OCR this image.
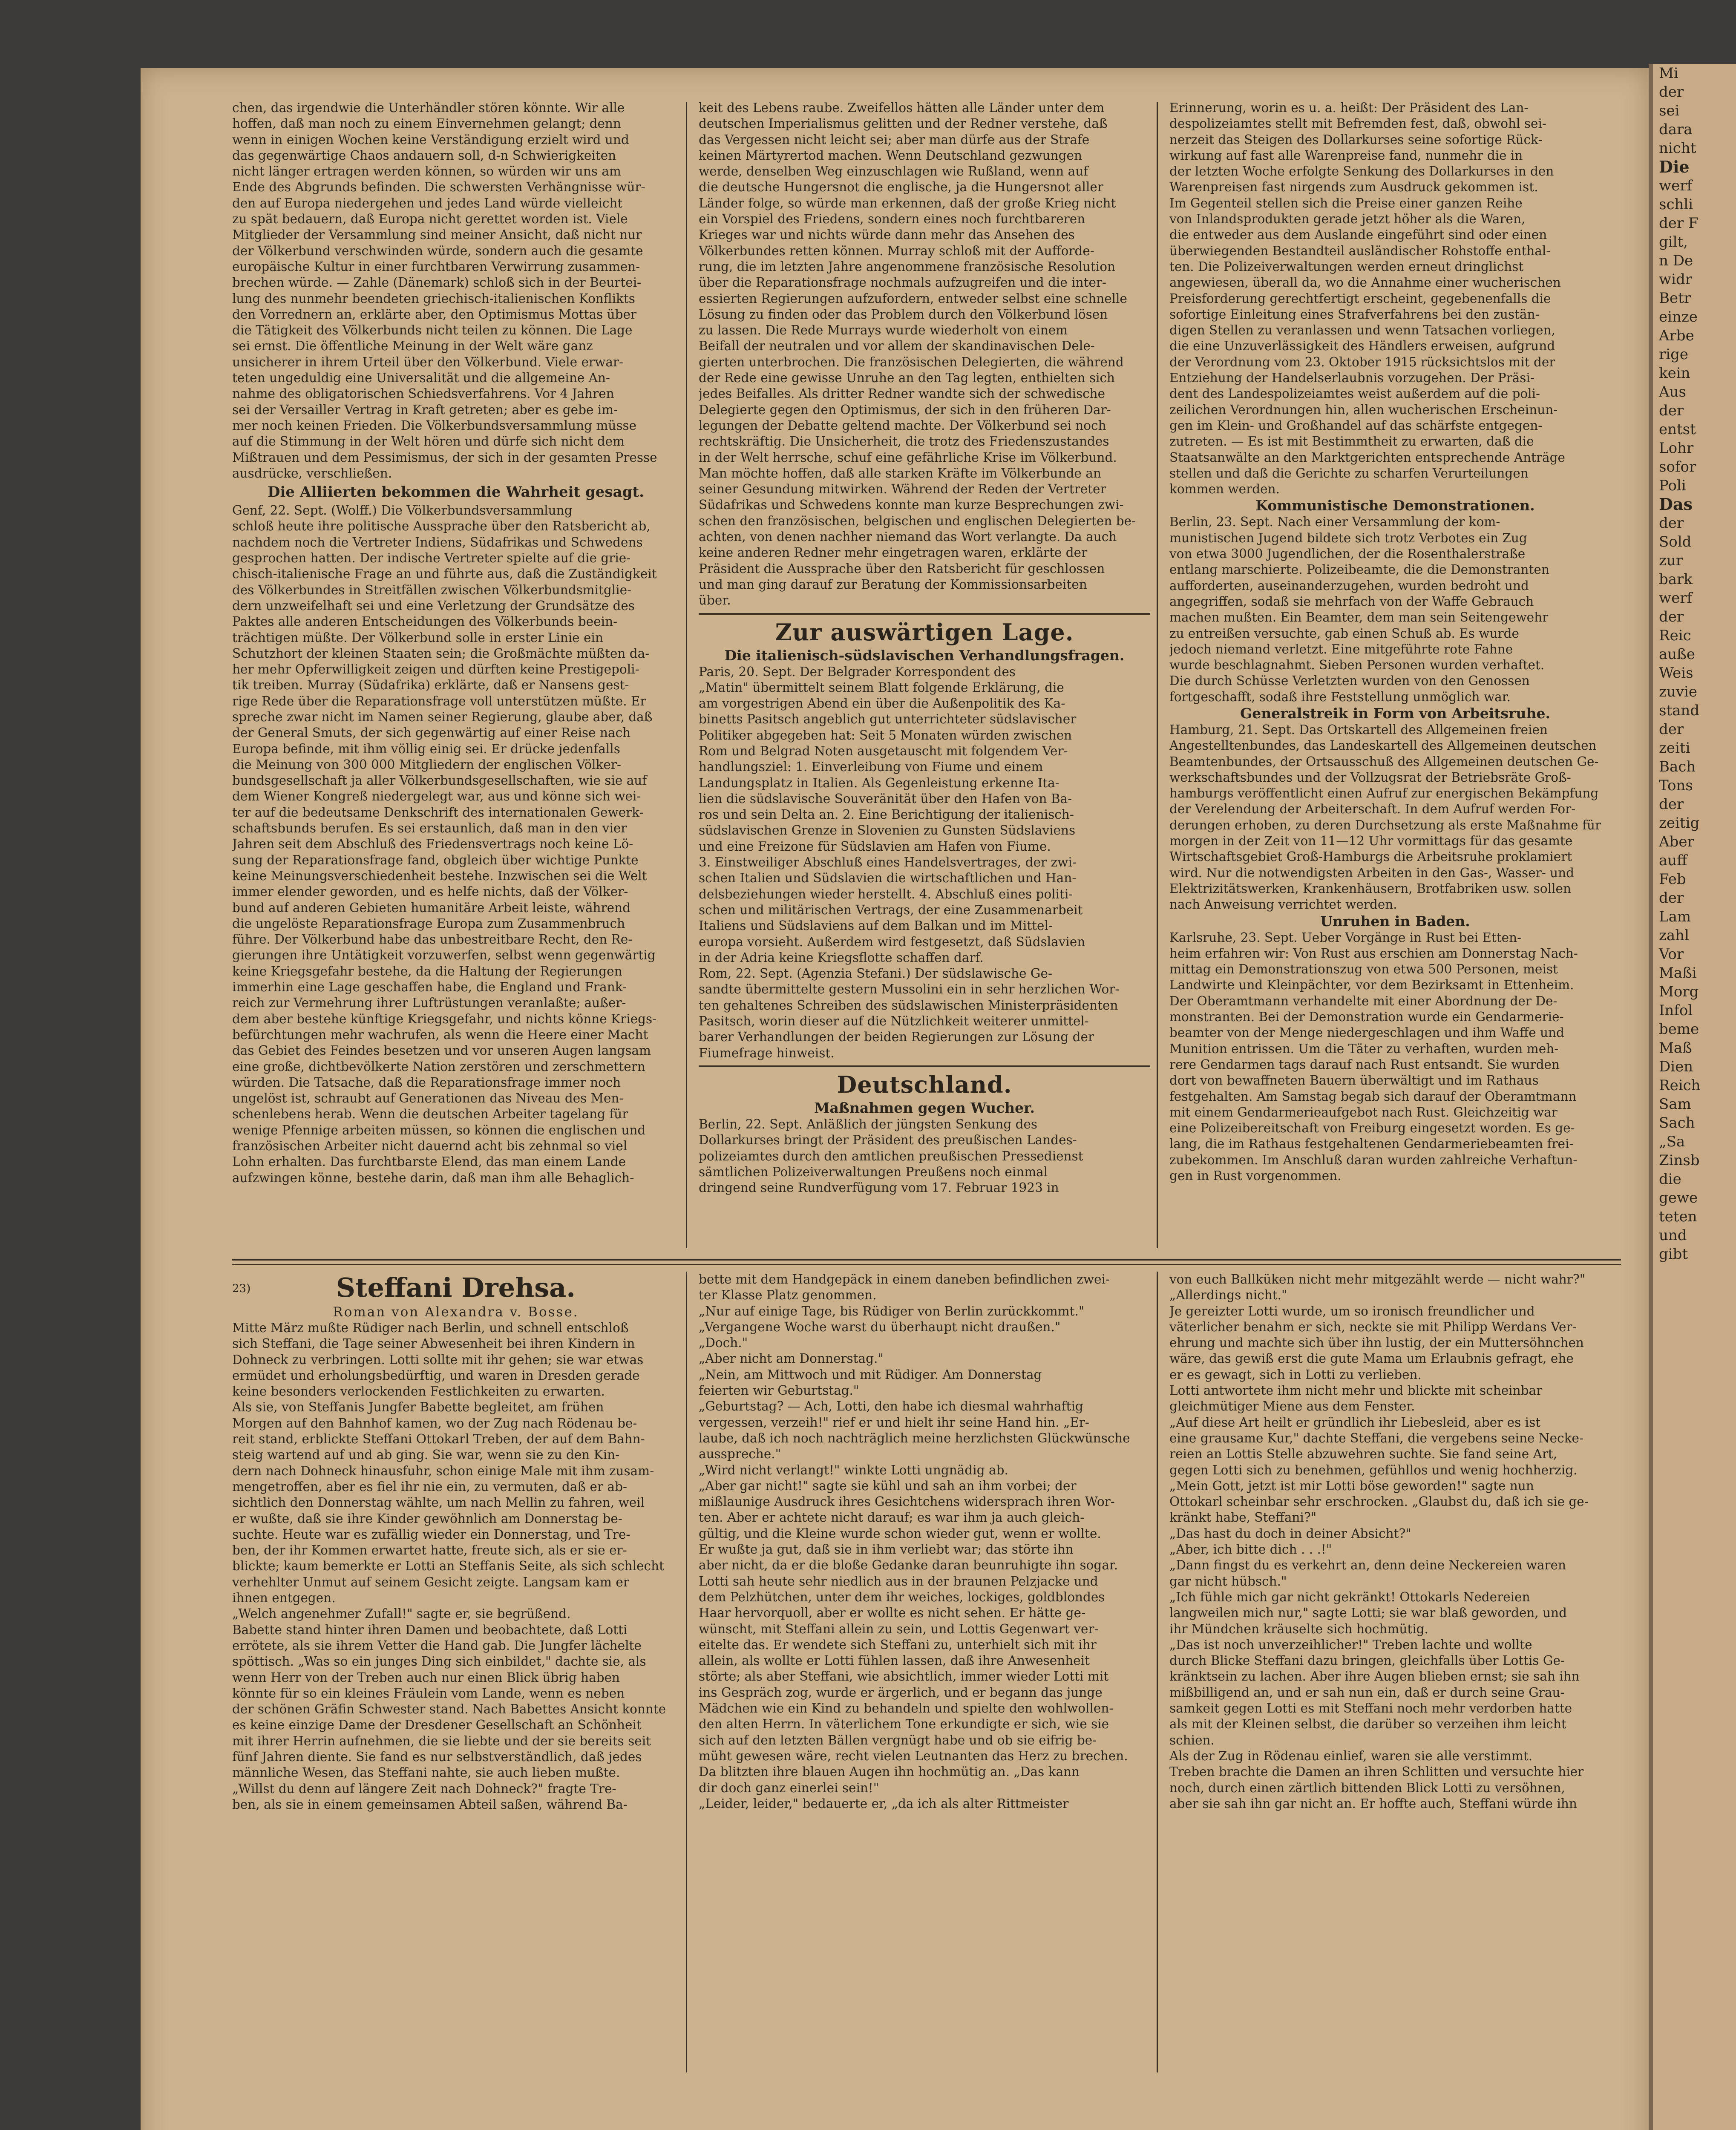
Mi
der
sei
dara
nicht
Die
werf
schli
der F
gilt,
n De
widr
Betr
einze
Arbe
rige
kein
Aus
der
entst
Lohr
sofor
Poli
Das
der
Sold
zur
bark
werf
der
Reic
auße
Weis
zuvie
stand
der
zeiti
Bach
Tons
der
zeitig
Aber
auff
Feb
der
Lam
zahl
Vor
Maßi
Morg
Infol
beme
Maß
Dien
Reich
Sam
Sach
„Sa
Zinsb
die
gewe
teten
und
gibt
chen, das irgendwie die Unterhändler stören könnte. Wir alle
hoffen, daß man noch zu einem Einvernehmen gelangt; denn
wenn in einigen Wochen keine Verständigung erzielt wird und
das gegenwärtige Chaos andauern soll, d-n Schwierigkeiten
nicht länger ertragen werden können, so würden wir uns am
Ende des Abgrunds befinden. Die schwersten Verhängnisse wür-
den auf Europa niedergehen und jedes Land würde vielleicht
zu spät bedauern, daß Europa nicht gerettet worden ist. Viele
Mitglieder der Versammlung sind meiner Ansicht, daß nicht nur
der Völkerbund verschwinden würde, sondern auch die gesamte
europäische Kultur in einer furchtbaren Verwirrung zusammen-
brechen würde. — Zahle (Dänemark) schloß sich in der Beurtei-
lung des nunmehr beendeten griechisch-italienischen Konflikts
den Vorrednern an, erklärte aber, den Optimismus Mottas über
die Tätigkeit des Völkerbunds nicht teilen zu können. Die Lage
sei ernst. Die öffentliche Meinung in der Welt wäre ganz
unsicherer in ihrem Urteil über den Völkerbund. Viele erwar-
teten ungeduldig eine Universalität und die allgemeine An-
nahme des obligatorischen Schiedsverfahrens. Vor 4 Jahren
sei der Versailler Vertrag in Kraft getreten; aber es gebe im-
mer noch keinen Frieden. Die Völkerbundsversammlung müsse
auf die Stimmung in der Welt hören und dürfe sich nicht dem
Mißtrauen und dem Pessimismus, der sich in der gesamten Presse
ausdrücke, verschließen.
Die Alliierten bekommen die Wahrheit gesagt.
Genf, 22. Sept. (Wolff.) Die Völkerbundsversammlung
schloß heute ihre politische Aussprache über den Ratsbericht ab,
nachdem noch die Vertreter Indiens, Südafrikas und Schwedens
gesprochen hatten. Der indische Vertreter spielte auf die grie-
chisch-italienische Frage an und führte aus, daß die Zuständigkeit
des Völkerbundes in Streitfällen zwischen Völkerbundsmitglie-
dern unzweifelhaft sei und eine Verletzung der Grundsätze des
Paktes alle anderen Entscheidungen des Völkerbunds beein-
trächtigen müßte. Der Völkerbund solle in erster Linie ein
Schutzhort der kleinen Staaten sein; die Großmächte müßten da-
her mehr Opferwilligkeit zeigen und dürften keine Prestigepoli-
tik treiben. Murray (Südafrika) erklärte, daß er Nansens gest-
rige Rede über die Reparationsfrage voll unterstützen müßte. Er
spreche zwar nicht im Namen seiner Regierung, glaube aber, daß
der General Smuts, der sich gegenwärtig auf einer Reise nach
Europa befinde, mit ihm völlig einig sei. Er drücke jedenfalls
die Meinung von 300 000 Mitgliedern der englischen Völker-
bundsgesellschaft ja aller Völkerbundsgesellschaften, wie sie auf
dem Wiener Kongreß niedergelegt war, aus und könne sich wei-
ter auf die bedeutsame Denkschrift des internationalen Gewerk-
schaftsbunds berufen. Es sei erstaunlich, daß man in den vier
Jahren seit dem Abschluß des Friedensvertrags noch keine Lö-
sung der Reparationsfrage fand, obgleich über wichtige Punkte
keine Meinungsverschiedenheit bestehe. Inzwischen sei die Welt
immer elender geworden, und es helfe nichts, daß der Völker-
bund auf anderen Gebieten humanitäre Arbeit leiste, während
die ungelöste Reparationsfrage Europa zum Zusammenbruch
führe. Der Völkerbund habe das unbestreitbare Recht, den Re-
gierungen ihre Untätigkeit vorzuwerfen, selbst wenn gegenwärtig
keine Kriegsgefahr bestehe, da die Haltung der Regierungen
immerhin eine Lage geschaffen habe, die England und Frank-
reich zur Vermehrung ihrer Luftrüstungen veranlaßte; außer-
dem aber bestehe künftige Kriegsgefahr, und nichts könne Kriegs-
befürchtungen mehr wachrufen, als wenn die Heere einer Macht
das Gebiet des Feindes besetzen und vor unseren Augen langsam
eine große, dichtbevölkerte Nation zerstören und zerschmettern
würden. Die Tatsache, daß die Reparationsfrage immer noch
ungelöst ist, schraubt auf Generationen das Niveau des Men-
schenlebens herab. Wenn die deutschen Arbeiter tagelang für
wenige Pfennige arbeiten müssen, so können die englischen und
französischen Arbeiter nicht dauernd acht bis zehnmal so viel
Lohn erhalten. Das furchtbarste Elend, das man einem Lande
aufzwingen könne, bestehe darin, daß man ihm alle Behaglich-
keit des Lebens raube. Zweifellos hätten alle Länder unter dem
deutschen Imperialismus gelitten und der Redner verstehe, daß
das Vergessen nicht leicht sei; aber man dürfe aus der Strafe
keinen Märtyrertod machen. Wenn Deutschland gezwungen
werde, denselben Weg einzuschlagen wie Rußland, wenn auf
die deutsche Hungersnot die englische, ja die Hungersnot aller
Länder folge, so würde man erkennen, daß der große Krieg nicht
ein Vorspiel des Friedens, sondern eines noch furchtbareren
Krieges war und nichts würde dann mehr das Ansehen des
Völkerbundes retten können. Murray schloß mit der Aufforde-
rung, die im letzten Jahre angenommene französische Resolution
über die Reparationsfrage nochmals aufzugreifen und die inter-
essierten Regierungen aufzufordern, entweder selbst eine schnelle
Lösung zu finden oder das Problem durch den Völkerbund lösen
zu lassen. Die Rede Murrays wurde wiederholt von einem
Beifall der neutralen und vor allem der skandinavischen Dele-
gierten unterbrochen. Die französischen Delegierten, die während
der Rede eine gewisse Unruhe an den Tag legten, enthielten sich
jedes Beifalles. Als dritter Redner wandte sich der schwedische
Delegierte gegen den Optimismus, der sich in den früheren Dar-
legungen der Debatte geltend machte. Der Völkerbund sei noch
rechtskräftig. Die Unsicherheit, die trotz des Friedenszustandes
in der Welt herrsche, schuf eine gefährliche Krise im Völkerbund.
Man möchte hoffen, daß alle starken Kräfte im Völkerbunde an
seiner Gesundung mitwirken. Während der Reden der Vertreter
Südafrikas und Schwedens konnte man kurze Besprechungen zwi-
schen den französischen, belgischen und englischen Delegierten be-
achten, von denen nachher niemand das Wort verlangte. Da auch
keine anderen Redner mehr eingetragen waren, erklärte der
Präsident die Aussprache über den Ratsbericht für geschlossen
und man ging darauf zur Beratung der Kommissionsarbeiten
über.
Zur auswärtigen Lage.
Die italienisch-südslavischen Verhandlungsfragen.
Paris, 20. Sept. Der Belgrader Korrespondent des
„Matin" übermittelt seinem Blatt folgende Erklärung, die
am vorgestrigen Abend ein über die Außenpolitik des Ka-
binetts Pasitsch angeblich gut unterrichteter südslavischer
Politiker abgegeben hat: Seit 5 Monaten würden zwischen
Rom und Belgrad Noten ausgetauscht mit folgendem Ver-
handlungsziel: 1. Einverleibung von Fiume und einem
Landungsplatz in Italien. Als Gegenleistung erkenne Ita-
lien die südslavische Souveränität über den Hafen von Ba-
ros und sein Delta an. 2. Eine Berichtigung der italienisch-
südslavischen Grenze in Slovenien zu Gunsten Südslaviens
und eine Freizone für Südslavien am Hafen von Fiume.
3. Einstweiliger Abschluß eines Handelsvertrages, der zwi-
schen Italien und Südslavien die wirtschaftlichen und Han-
delsbeziehungen wieder herstellt. 4. Abschluß eines politi-
schen und militärischen Vertrags, der eine Zusammenarbeit
Italiens und Südslaviens auf dem Balkan und im Mittel-
europa vorsieht. Außerdem wird festgesetzt, daß Südslavien
in der Adria keine Kriegsflotte schaffen darf.
Rom, 22. Sept. (Agenzia Stefani.) Der südslawische Ge-
sandte übermittelte gestern Mussolini ein in sehr herzlichen Wor-
ten gehaltenes Schreiben des südslawischen Ministerpräsidenten
Pasitsch, worin dieser auf die Nützlichkeit weiterer unmittel-
barer Verhandlungen der beiden Regierungen zur Lösung der
Fiumefrage hinweist.
Deutschland.
Maßnahmen gegen Wucher.
Berlin, 22. Sept. Anläßlich der jüngsten Senkung des
Dollarkurses bringt der Präsident des preußischen Landes-
polizeiamtes durch den amtlichen preußischen Pressedienst
sämtlichen Polizeiverwaltungen Preußens noch einmal
dringend seine Rundverfügung vom 17. Februar 1923 in
Erinnerung, worin es u. a. heißt: Der Präsident des Lan-
despolizeiamtes stellt mit Befremden fest, daß, obwohl sei-
nerzeit das Steigen des Dollarkurses seine sofortige Rück-
wirkung auf fast alle Warenpreise fand, nunmehr die in
der letzten Woche erfolgte Senkung des Dollarkurses in den
Warenpreisen fast nirgends zum Ausdruck gekommen ist.
Im Gegenteil stellen sich die Preise einer ganzen Reihe
von Inlandsprodukten gerade jetzt höher als die Waren,
die entweder aus dem Auslande eingeführt sind oder einen
überwiegenden Bestandteil ausländischer Rohstoffe enthal-
ten. Die Polizeiverwaltungen werden erneut dringlichst
angewiesen, überall da, wo die Annahme einer wucherischen
Preisforderung gerechtfertigt erscheint, gegebenenfalls die
sofortige Einleitung eines Strafverfahrens bei den zustän-
digen Stellen zu veranlassen und wenn Tatsachen vorliegen,
die eine Unzuverlässigkeit des Händlers erweisen, aufgrund
der Verordnung vom 23. Oktober 1915 rücksichtslos mit der
Entziehung der Handelserlaubnis vorzugehen. Der Präsi-
dent des Landespolizeiamtes weist außerdem auf die poli-
zeilichen Verordnungen hin, allen wucherischen Erscheinun-
gen im Klein- und Großhandel auf das schärfste entgegen-
zutreten. — Es ist mit Bestimmtheit zu erwarten, daß die
Staatsanwälte an den Marktgerichten entsprechende Anträge
stellen und daß die Gerichte zu scharfen Verurteilungen
kommen werden.
Kommunistische Demonstrationen.
Berlin, 23. Sept. Nach einer Versammlung der kom-
munistischen Jugend bildete sich trotz Verbotes ein Zug
von etwa 3000 Jugendlichen, der die Rosenthalerstraße
entlang marschierte. Polizeibeamte, die die Demonstranten
aufforderten, auseinanderzugehen, wurden bedroht und
angegriffen, sodaß sie mehrfach von der Waffe Gebrauch
machen mußten. Ein Beamter, dem man sein Seitengewehr
zu entreißen versuchte, gab einen Schuß ab. Es wurde
jedoch niemand verletzt. Eine mitgeführte rote Fahne
wurde beschlagnahmt. Sieben Personen wurden verhaftet.
Die durch Schüsse Verletzten wurden von den Genossen
fortgeschafft, sodaß ihre Feststellung unmöglich war.
Generalstreik in Form von Arbeitsruhe.
Hamburg, 21. Sept. Das Ortskartell des Allgemeinen freien
Angestelltenbundes, das Landeskartell des Allgemeinen deutschen
Beamtenbundes, der Ortsausschuß des Allgemeinen deutschen Ge-
werkschaftsbundes und der Vollzugsrat der Betriebsräte Groß-
hamburgs veröffentlicht einen Aufruf zur energischen Bekämpfung
der Verelendung der Arbeiterschaft. In dem Aufruf werden For-
derungen erhoben, zu deren Durchsetzung als erste Maßnahme für
morgen in der Zeit von 11—12 Uhr vormittags für das gesamte
Wirtschaftsgebiet Groß-Hamburgs die Arbeitsruhe proklamiert
wird. Nur die notwendigsten Arbeiten in den Gas-, Wasser- und
Elektrizitätswerken, Krankenhäusern, Brotfabriken usw. sollen
nach Anweisung verrichtet werden.
Unruhen in Baden.
Karlsruhe, 23. Sept. Ueber Vorgänge in Rust bei Etten-
heim erfahren wir: Von Rust aus erschien am Donnerstag Nach-
mittag ein Demonstrationszug von etwa 500 Personen, meist
Landwirte und Kleinpächter, vor dem Bezirksamt in Ettenheim.
Der Oberamtmann verhandelte mit einer Abordnung der De-
monstranten. Bei der Demonstration wurde ein Gendarmerie-
beamter von der Menge niedergeschlagen und ihm Waffe und
Munition entrissen. Um die Täter zu verhaften, wurden meh-
rere Gendarmen tags darauf nach Rust entsandt. Sie wurden
dort von bewaffneten Bauern überwältigt und im Rathaus
festgehalten. Am Samstag begab sich darauf der Oberamtmann
mit einem Gendarmerieaufgebot nach Rust. Gleichzeitig war
eine Polizeibereitschaft von Freiburg eingesetzt worden. Es ge-
lang, die im Rathaus festgehaltenen Gendarmeriebeamten frei-
zubekommen. Im Anschluß daran wurden zahlreiche Verhaftun-
gen in Rust vorgenommen.
23)	Steffani Drehsa.
Roman von Alexandra v. Bosse.
Mitte März mußte Rüdiger nach Berlin, und schnell entschloß
sich Steffani, die Tage seiner Abwesenheit bei ihren Kindern in
Dohneck zu verbringen. Lotti sollte mit ihr gehen; sie war etwas
ermüdet und erholungsbedürftig, und waren in Dresden gerade
keine besonders verlockenden Festlichkeiten zu erwarten.
Als sie, von Steffanis Jungfer Babette begleitet, am frühen
Morgen auf den Bahnhof kamen, wo der Zug nach Rödenau be-
reit stand, erblickte Steffani Ottokarl Treben, der auf dem Bahn-
steig wartend auf und ab ging. Sie war, wenn sie zu den Kin-
dern nach Dohneck hinausfuhr, schon einige Male mit ihm zusam-
mengetroffen, aber es fiel ihr nie ein, zu vermuten, daß er ab-
sichtlich den Donnerstag wählte, um nach Mellin zu fahren, weil
er wußte, daß sie ihre Kinder gewöhnlich am Donnerstag be-
suchte. Heute war es zufällig wieder ein Donnerstag, und Tre-
ben, der ihr Kommen erwartet hatte, freute sich, als er sie er-
blickte; kaum bemerkte er Lotti an Steffanis Seite, als sich schlecht
verhehlter Unmut auf seinem Gesicht zeigte. Langsam kam er
ihnen entgegen.
„Welch angenehmer Zufall!" sagte er, sie begrüßend.
Babette stand hinter ihren Damen und beobachtete, daß Lotti
errötete, als sie ihrem Vetter die Hand gab. Die Jungfer lächelte
spöttisch. „Was so ein junges Ding sich einbildet," dachte sie, als
wenn Herr von der Treben auch nur einen Blick übrig haben
könnte für so ein kleines Fräulein vom Lande, wenn es neben
der schönen Gräfin Schwester stand. Nach Babettes Ansicht konnte
es keine einzige Dame der Dresdener Gesellschaft an Schönheit
mit ihrer Herrin aufnehmen, die sie liebte und der sie bereits seit
fünf Jahren diente. Sie fand es nur selbstverständlich, daß jedes
männliche Wesen, das Steffani nahte, sie auch lieben mußte.
„Willst du denn auf längere Zeit nach Dohneck?" fragte Tre-
ben, als sie in einem gemeinsamen Abteil saßen, während Ba-
bette mit dem Handgepäck in einem daneben befindlichen zwei-
ter Klasse Platz genommen.
„Nur auf einige Tage, bis Rüdiger von Berlin zurückkommt."
„Vergangene Woche warst du überhaupt nicht draußen."
„Doch."
„Aber nicht am Donnerstag."
„Nein, am Mittwoch und mit Rüdiger. Am Donnerstag
feierten wir Geburtstag."
„Geburtstag? — Ach, Lotti, den habe ich diesmal wahrhaftig
vergessen, verzeih!" rief er und hielt ihr seine Hand hin. „Er-
laube, daß ich noch nachträglich meine herzlichsten Glückwünsche
ausspreche."
„Wird nicht verlangt!" winkte Lotti ungnädig ab.
„Aber gar nicht!" sagte sie kühl und sah an ihm vorbei; der
mißlaunige Ausdruck ihres Gesichtchens widersprach ihren Wor-
ten. Aber er achtete nicht darauf; es war ihm ja auch gleich-
gültig, und die Kleine wurde schon wieder gut, wenn er wollte.
Er wußte ja gut, daß sie in ihm verliebt war; das störte ihn
aber nicht, da er die bloße Gedanke daran beunruhigte ihn sogar.
Lotti sah heute sehr niedlich aus in der braunen Pelzjacke und
dem Pelzhütchen, unter dem ihr weiches, lockiges, goldblondes
Haar hervorquoll, aber er wollte es nicht sehen. Er hätte ge-
wünscht, mit Steffani allein zu sein, und Lottis Gegenwart ver-
eitelte das. Er wendete sich Steffani zu, unterhielt sich mit ihr
allein, als wollte er Lotti fühlen lassen, daß ihre Anwesenheit
störte; als aber Steffani, wie absichtlich, immer wieder Lotti mit
ins Gespräch zog, wurde er ärgerlich, und er begann das junge
Mädchen wie ein Kind zu behandeln und spielte den wohlwollen-
den alten Herrn. In väterlichem Tone erkundigte er sich, wie sie
sich auf den letzten Bällen vergnügt habe und ob sie eifrig be-
müht gewesen wäre, recht vielen Leutnanten das Herz zu brechen.
Da blitzten ihre blauen Augen ihn hochmütig an. „Das kann
dir doch ganz einerlei sein!"
„Leider, leider," bedauerte er, „da ich als alter Rittmeister
von euch Ballküken nicht mehr mitgezählt werde — nicht wahr?"
„Allerdings nicht."
Je gereizter Lotti wurde, um so ironisch freundlicher und
väterlicher benahm er sich, neckte sie mit Philipp Werdans Ver-
ehrung und machte sich über ihn lustig, der ein Muttersöhnchen
wäre, das gewiß erst die gute Mama um Erlaubnis gefragt, ehe
er es gewagt, sich in Lotti zu verlieben.
Lotti antwortete ihm nicht mehr und blickte mit scheinbar
gleichmütiger Miene aus dem Fenster.
„Auf diese Art heilt er gründlich ihr Liebesleid, aber es ist
eine grausame Kur," dachte Steffani, die vergebens seine Necke-
reien an Lottis Stelle abzuwehren suchte. Sie fand seine Art,
gegen Lotti sich zu benehmen, gefühllos und wenig hochherzig.
„Mein Gott, jetzt ist mir Lotti böse geworden!" sagte nun
Ottokarl scheinbar sehr erschrocken. „Glaubst du, daß ich sie ge-
kränkt habe, Steffani?"
„Das hast du doch in deiner Absicht?"
„Aber, ich bitte dich . . .!"
„Dann fingst du es verkehrt an, denn deine Neckereien waren
gar nicht hübsch."
„Ich fühle mich gar nicht gekränkt! Ottokarls Nedereien
langweilen mich nur," sagte Lotti; sie war blaß geworden, und
ihr Mündchen kräuselte sich hochmütig.
„Das ist noch unverzeihlicher!" Treben lachte und wollte
durch Blicke Steffani dazu bringen, gleichfalls über Lottis Ge-
kränktsein zu lachen. Aber ihre Augen blieben ernst; sie sah ihn
mißbilligend an, und er sah nun ein, daß er durch seine Grau-
samkeit gegen Lotti es mit Steffani noch mehr verdorben hatte
als mit der Kleinen selbst, die darüber so verzeihen ihm leicht
schien.
Als der Zug in Rödenau einlief, waren sie alle verstimmt.
Treben brachte die Damen an ihren Schlitten und versuchte hier
noch, durch einen zärtlich bittenden Blick Lotti zu versöhnen,
aber sie sah ihn gar nicht an. Er hoffte auch, Steffani würde ihn
